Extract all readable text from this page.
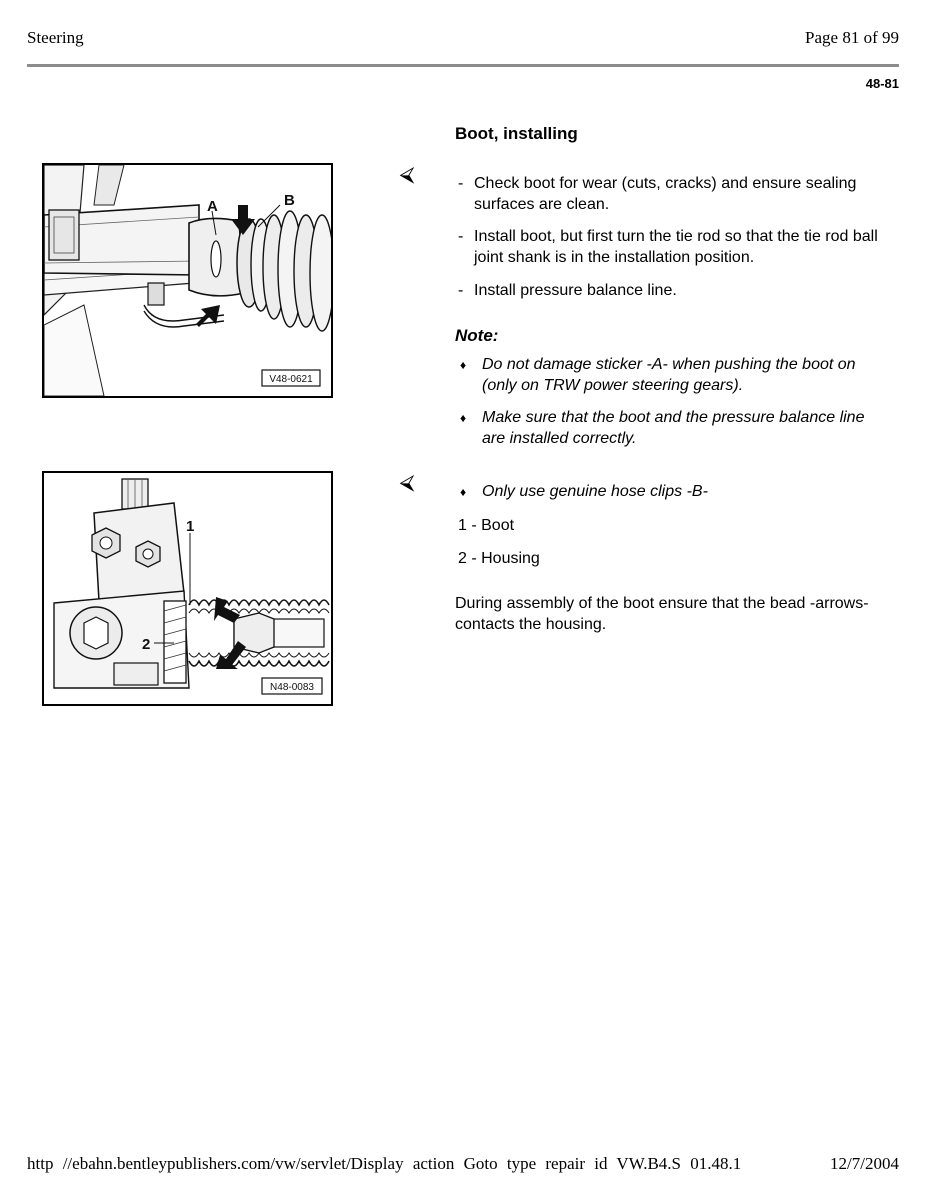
Steering	Page 81 of 99
48-81
Boot, installing
A	B
V48-0621
1
2
N48-0083
⮘
⮘
- Check boot for wear (cuts, cracks) and ensure sealing surfaces are clean.
- Install boot, but first turn the tie rod so that the tie rod ball joint shank is in the installation position.
- Install pressure balance line.
Note:
♦ Do not damage sticker -A- when pushing the boot on (only on TRW power steering gears).
♦ Make sure that the boot and the pressure balance line are installed correctly.
♦ Only use genuine hose clips -B-
1 - Boot
2 - Housing
During assembly of the boot ensure that the bead -arrows- contacts the housing.
http //ebahn.bentleypublishers.com/vw/servlet/Display action Goto type repair id VW.B4.S 01.48.1	12/7/2004
